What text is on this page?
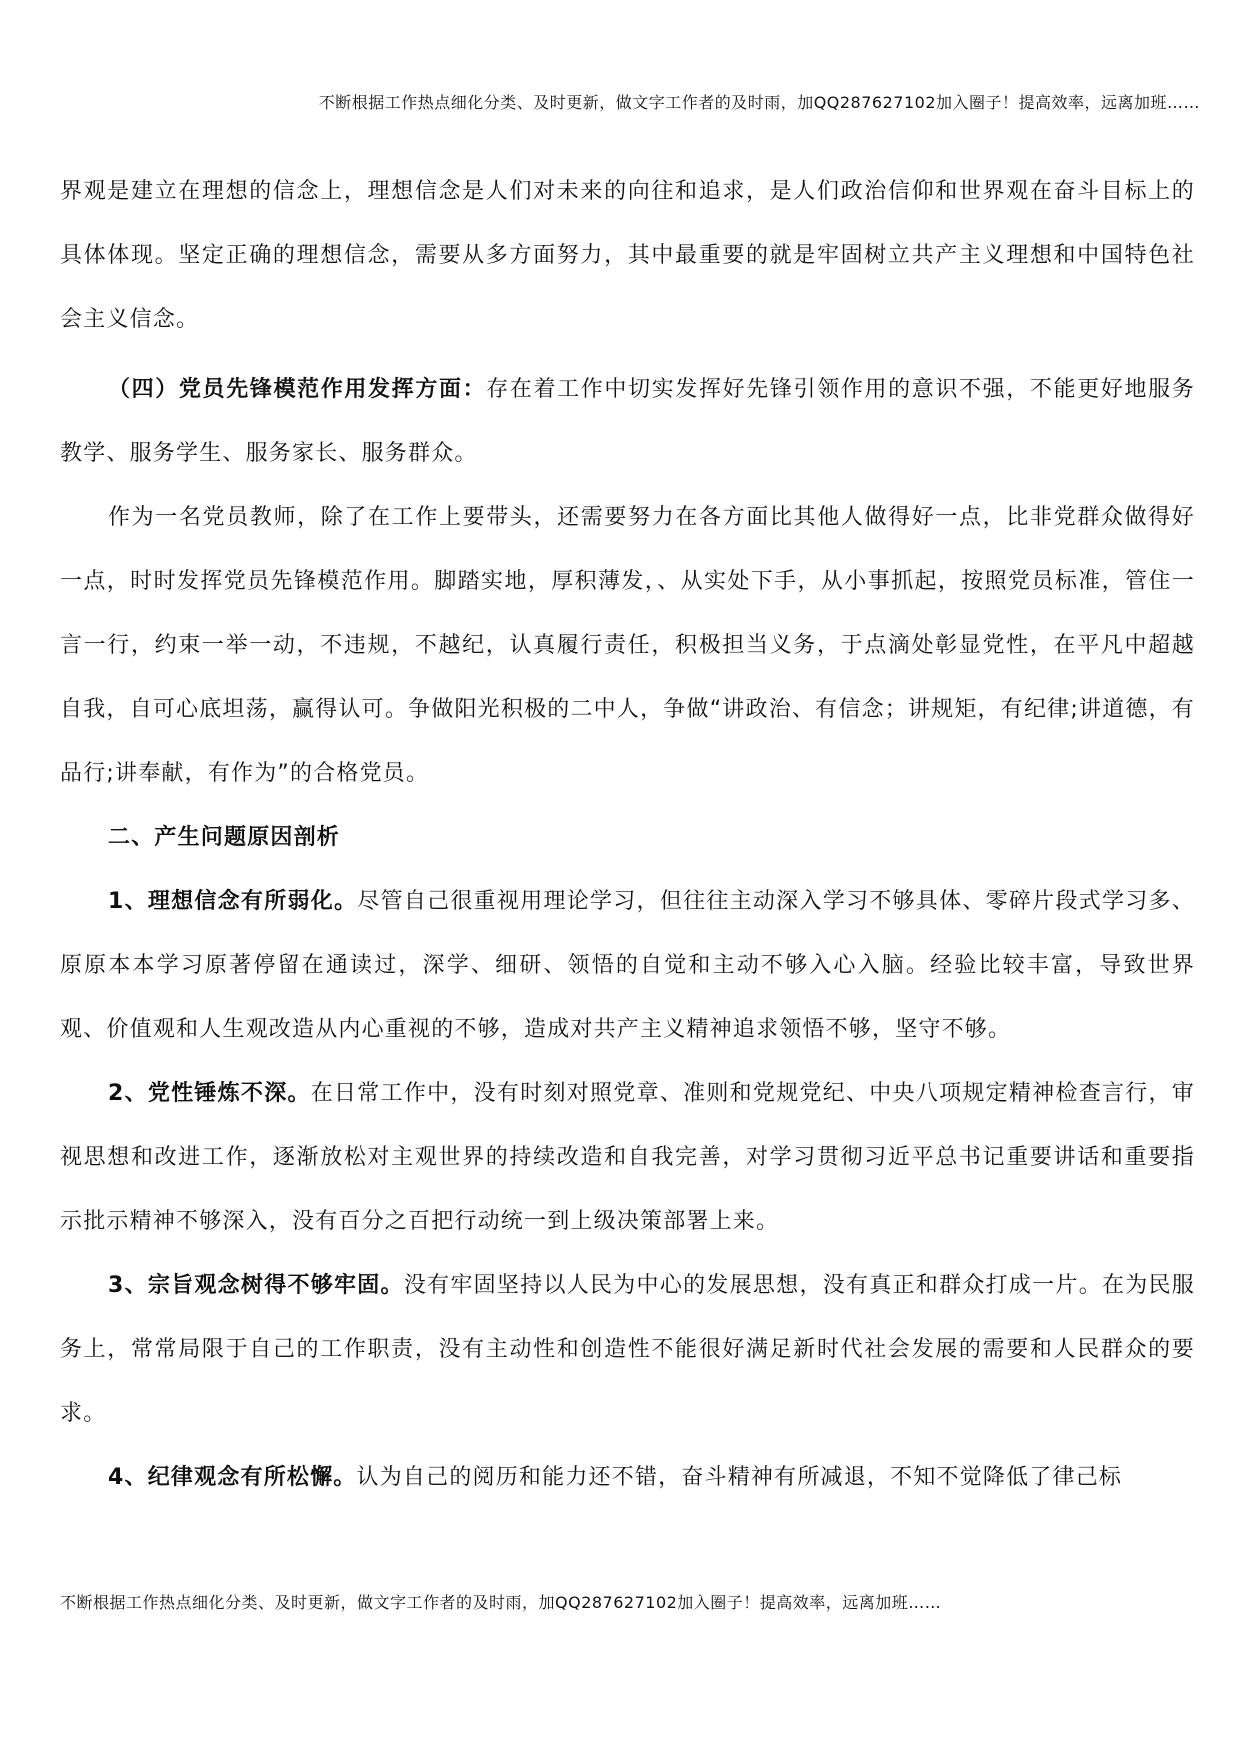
不断根据工作热点细化分类、及时更新，做文字工作者的及时雨，加QQ287627102加入圈子！提高效率，远离加班……

界观是建立在理想的信念上，理想信念是人们对未来的向往和追求，是人们政治信仰和世界观在奋斗目标上的具体体现。坚定正确的理想信念，需要从多方面努力，其中最重要的就是牢固树立共产主义理想和中国特色社会主义信念。

（四）党员先锋模范作用发挥方面：存在着工作中切实发挥好先锋引领作用的意识不强，不能更好地服务教学、服务学生、服务家长、服务群众。

作为一名党员教师，除了在工作上要带头，还需要努力在各方面比其他人做得好一点，比非党群众做得好一点，时时发挥党员先锋模范作用。脚踏实地，厚积薄发，、从实处下手，从小事抓起，按照党员标准，管住一言一行，约束一举一动，不违规，不越纪，认真履行责任，积极担当义务，于点滴处彰显党性，在平凡中超越自我，自可心底坦荡，赢得认可。争做阳光积极的二中人，争做“讲政治、有信念；讲规矩，有纪律;讲道德，有品行;讲奉献，有作为”的合格党员。

二、产生问题原因剖析

1、理想信念有所弱化。尽管自己很重视用理论学习，但往往主动深入学习不够具体、零碎片段式学习多、原原本本学习原著停留在通读过，深学、细研、领悟的自觉和主动不够入心入脑。经验比较丰富，导致世界观、价值观和人生观改造从内心重视的不够，造成对共产主义精神追求领悟不够，坚守不够。

2、党性锤炼不深。在日常工作中，没有时刻对照党章、准则和党规党纪、中央八项规定精神检查言行，审视思想和改进工作，逐渐放松对主观世界的持续改造和自我完善，对学习贯彻习近平总书记重要讲话和重要指示批示精神不够深入，没有百分之百把行动统一到上级决策部署上来。

3、宗旨观念树得不够牢固。没有牢固坚持以人民为中心的发展思想，没有真正和群众打成一片。在为民服务上，常常局限于自己的工作职责，没有主动性和创造性不能很好满足新时代社会发展的需要和人民群众的要求。

4、纪律观念有所松懈。认为自己的阅历和能力还不错，奋斗精神有所减退，不知不觉降低了律己标

不断根据工作热点细化分类、及时更新，做文字工作者的及时雨，加QQ287627102加入圈子！提高效率，远离加班……
